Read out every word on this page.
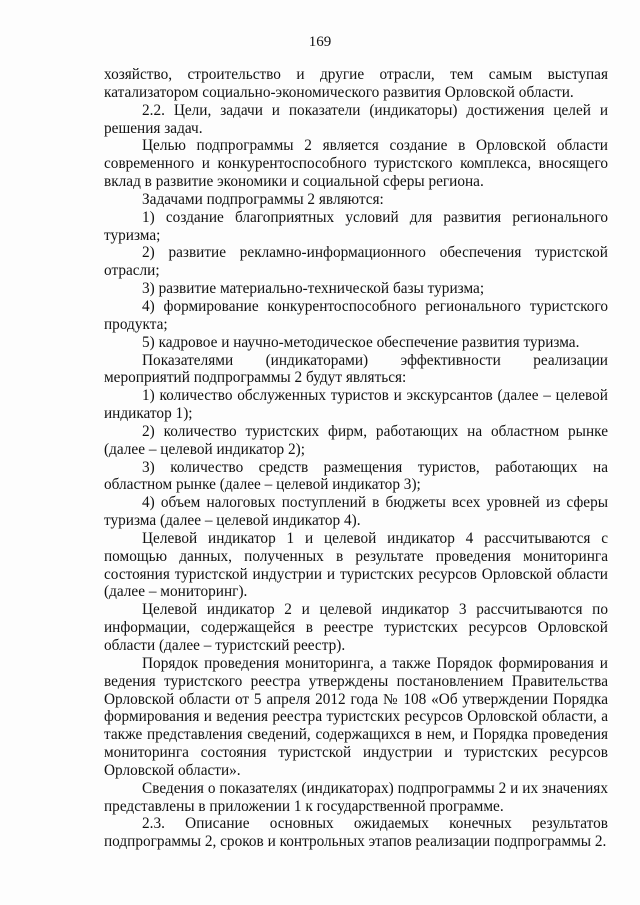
169

хозяйство, строительство и другие отрасли, тем самым выступая катализатором социально-экономического развития Орловской области.

2.2. Цели, задачи и показатели (индикаторы) достижения целей и решения задач.

Целью подпрограммы 2 является создание в Орловской области современного и конкурентоспособного туристского комплекса, вносящего вклад в развитие экономики и социальной сферы региона.

Задачами подпрограммы 2 являются:

1) создание благоприятных условий для развития регионального туризма;

2) развитие рекламно-информационного обеспечения туристской отрасли;

3) развитие материально-технической базы туризма;

4) формирование конкурентоспособного регионального туристского продукта;

5) кадровое и научно-методическое обеспечение развития туризма.

Показателями (индикаторами) эффективности реализации мероприятий подпрограммы 2 будут являться:

1) количество обслуженных туристов и экскурсантов (далее – целевой индикатор 1);

2) количество туристских фирм, работающих на областном рынке (далее – целевой индикатор 2);

3) количество средств размещения туристов, работающих на областном рынке (далее – целевой индикатор 3);

4) объем налоговых поступлений в бюджеты всех уровней из сферы туризма (далее – целевой индикатор 4).

Целевой индикатор 1 и целевой индикатор 4 рассчитываются с помощью данных, полученных в результате проведения мониторинга состояния туристской индустрии и туристских ресурсов Орловской области (далее – мониторинг).

Целевой индикатор 2 и целевой индикатор 3 рассчитываются по информации, содержащейся в реестре туристских ресурсов Орловской области (далее – туристский реестр).

Порядок проведения мониторинга, а также Порядок формирования и ведения туристского реестра утверждены постановлением Правительства Орловской области от 5 апреля 2012 года № 108 «Об утверждении Порядка формирования и ведения реестра туристских ресурсов Орловской области, а также представления сведений, содержащихся в нем, и Порядка проведения мониторинга состояния туристской индустрии и туристских ресурсов Орловской области».

Сведения о показателях (индикаторах) подпрограммы 2 и их значениях представлены в приложении 1 к государственной программе.

2.3. Описание основных ожидаемых конечных результатов подпрограммы 2, сроков и контрольных этапов реализации подпрограммы 2.
